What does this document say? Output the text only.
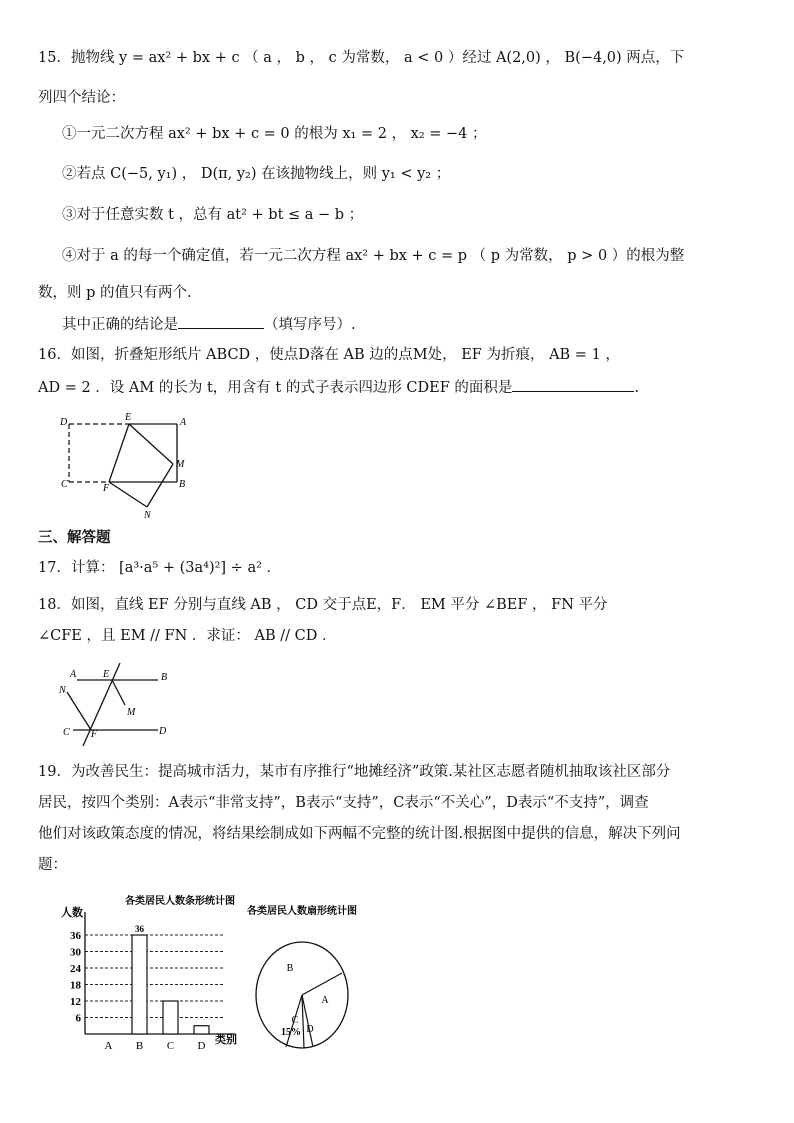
15．抛物线 y = ax² + bx + c （ a ， b ， c 为常数， a < 0 ）经过 A(2,0) ， B(−4,0) 两点，下
列四个结论：
①一元二次方程 ax² + bx + c = 0 的根为 x₁ = 2 ， x₂ = −4 ；
②若点 C(−5, y₁) ， D(π, y₂) 在该抛物线上，则 y₁ < y₂ ；
③对于任意实数 t ，总有 at² + bt ≤ a − b ；
④对于 a 的每一个确定值，若一元二次方程 ax² + bx + c = p （ p 为常数， p > 0 ）的根为整
数，则 p 的值只有两个.
其中正确的结论是	（填写序号）.
16．如图，折叠矩形纸片 ABCD ，使点D落在 AB 边的点M处， EF 为折痕， AB = 1 ，
AD = 2 ．设 AM 的长为 t，用含有 t 的式子表示四边形 CDEF 的面积是	.
D	E	A
M
C	F	B
N
三、解答题
17．计算： [a³·a⁵ + (3a⁴)²] ÷ a² ．
18．如图，直线 EF 分别与直线 AB ， CD 交于点E，F． EM 平分 ∠BEF ， FN 平分
∠CFE ，且 EM // FN ．求证： AB // CD ．
A	E	B
N
M
C F	D
19．为改善民生：提高城市活力，某市有序推行“地摊经济”政策.某社区志愿者随机抽取该社区部分
居民，按四个类别：A表示“非常支持”，B表示“支持”，C表示“不关心”，D表示“不支持”，调查
他们对该政策态度的情况，将结果绘制成如下两幅不完整的统计图.根据图中提供的信息，解决下列问
题：
各类居民人数条形统计图
人数
类别
6
12
18
24
30
36
36
A B C D
各类居民人数扇形统计图
A
B
C
15% D
